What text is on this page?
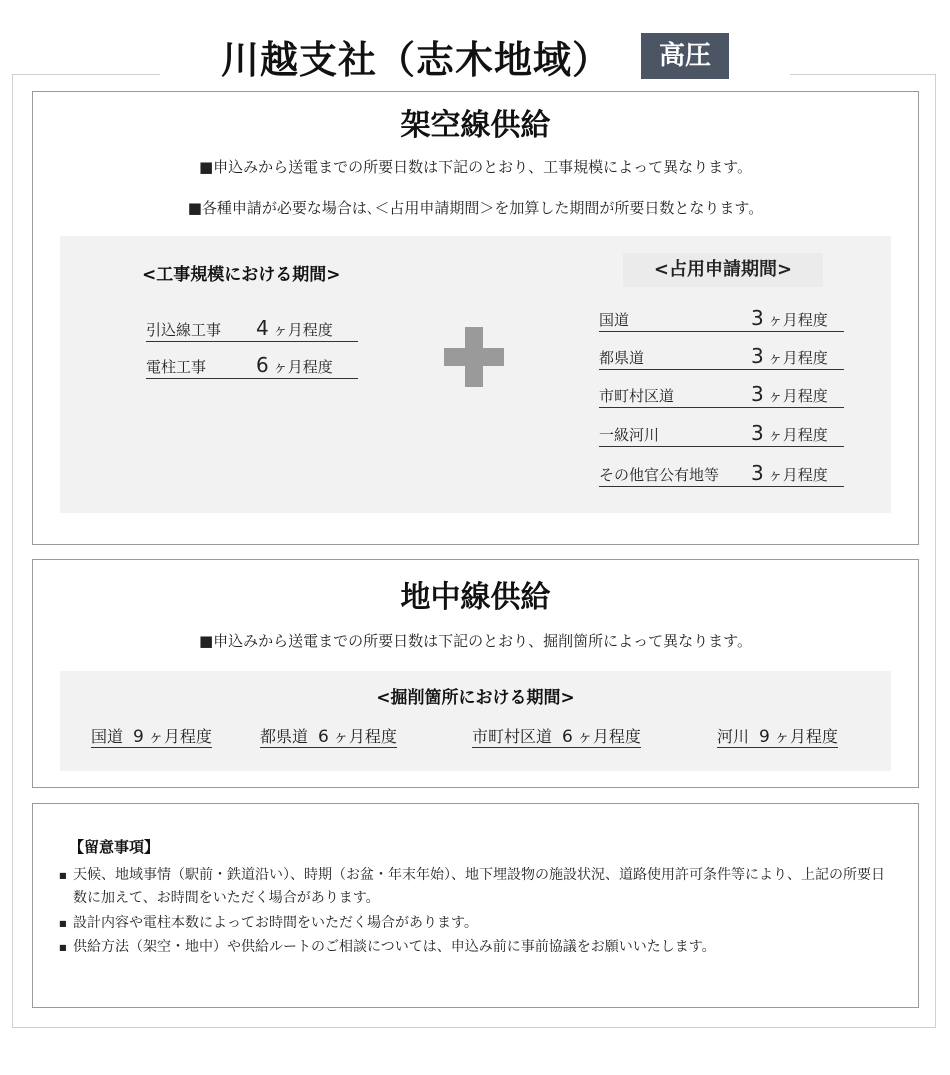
川越支社（志木地域）	高圧
架空線供給
■申込みから送電までの所要日数は下記のとおり、工事規模によって異なります。
■各種申請が必要な場合は､＜占用申請期間＞を加算した期間が所要日数となります。
<工事規模における期間>
引込線工事	4 ヶ月程度
電柱工事	6 ヶ月程度
<占用申請期間>
国道	3 ヶ月程度
都県道	3 ヶ月程度
市町村区道	3 ヶ月程度
一級河川	3 ヶ月程度
その他官公有地等	3 ヶ月程度
地中線供給
■申込みから送電までの所要日数は下記のとおり、掘削箇所によって異なります。
<掘削箇所における期間>
国道 9 ヶ月程度	都県道 6 ヶ月程度	市町村区道 6 ヶ月程度	河川 9 ヶ月程度
【留意事項】
■ 天候、地域事情（駅前・鉄道沿い）、時期（お盆・年末年始）、地下埋設物の施設状況、道路使用許可条件等により、上記の所要日数に加えて、お時間をいただく場合があります。
■ 設計内容や電柱本数によってお時間をいただく場合があります。
■ 供給方法（架空・地中）や供給ルートのご相談については、申込み前に事前協議をお願いいたします。
